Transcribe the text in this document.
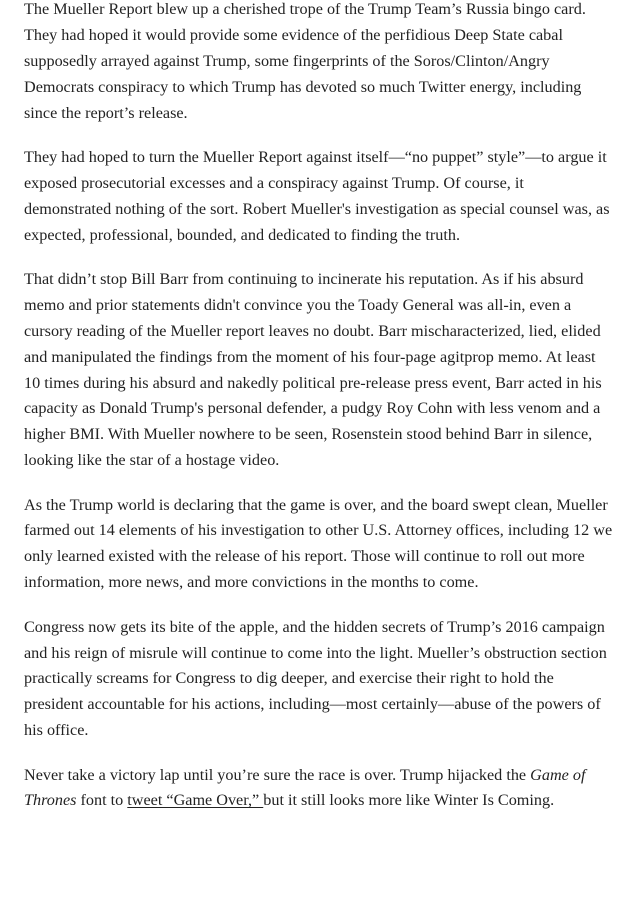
The Mueller Report blew up a cherished trope of the Trump Team’s Russia bingo card. They had hoped it would provide some evidence of the perfidious Deep State cabal supposedly arrayed against Trump, some fingerprints of the Soros/Clinton/Angry Democrats conspiracy to which Trump has devoted so much Twitter energy, including since the report’s release.

They had hoped to turn the Mueller Report against itself—“no puppet” style”—to argue it exposed prosecutorial excesses and a conspiracy against Trump. Of course, it demonstrated nothing of the sort. Robert Mueller's investigation as special counsel was, as expected, professional, bounded, and dedicated to finding the truth.

That didn’t stop Bill Barr from continuing to incinerate his reputation. As if his absurd memo and prior statements didn't convince you the Toady General was all-in, even a cursory reading of the Mueller report leaves no doubt. Barr mischaracterized, lied, elided and manipulated the findings from the moment of his four-page agitprop memo. At least 10 times during his absurd and nakedly political pre-release press event, Barr acted in his capacity as Donald Trump's personal defender, a pudgy Roy Cohn with less venom and a higher BMI. With Mueller nowhere to be seen, Rosenstein stood behind Barr in silence, looking like the star of a hostage video.

As the Trump world is declaring that the game is over, and the board swept clean, Mueller farmed out 14 elements of his investigation to other U.S. Attorney offices, including 12 we only learned existed with the release of his report. Those will continue to roll out more information, more news, and more convictions in the months to come.

Congress now gets its bite of the apple, and the hidden secrets of Trump’s 2016 campaign and his reign of misrule will continue to come into the light. Mueller’s obstruction section practically screams for Congress to dig deeper, and exercise their right to hold the president accountable for his actions, including—most certainly—abuse of the powers of his office.

Never take a victory lap until you’re sure the race is over. Trump hijacked the Game of Thrones font to tweet “Game Over,” but it still looks more like Winter Is Coming.
